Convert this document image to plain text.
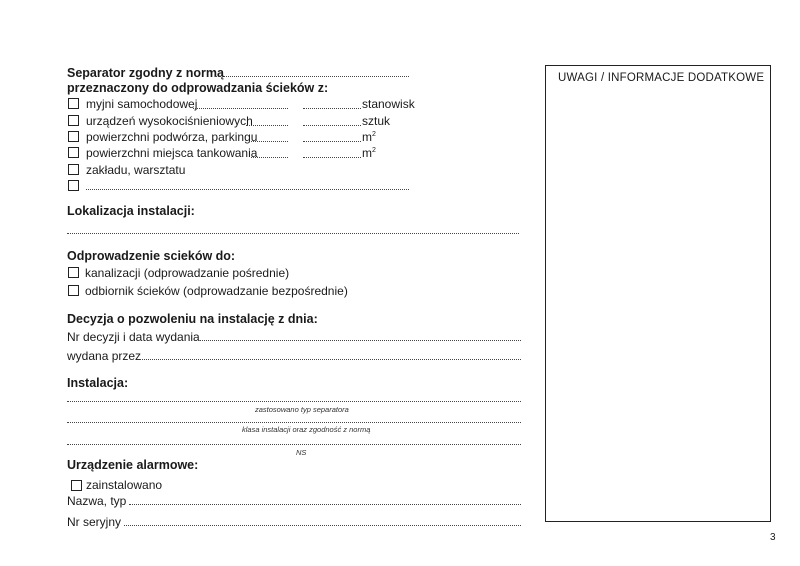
Separator zgodny z normą
przeznaczony do odprowadzania ścieków z:
myjni samochodowej	stanowisk
urządzeń wysokociśnieniowych	sztuk
powierzchni podwórza, parkingu	$m^2$
powierzchni miejsca tankowania	$m^2$
zakładu, warsztatu
Lokalizacja instalacji:
Odprowadzenie scieków do:
kanalizacji (odprowadzanie pośrednie)
odbiornik ścieków (odprowadzanie bezpośrednie)
Decyzja o pozwoleniu na instalację z dnia:
Nr decyzji i data wydania
wydana przez
Instalacja:
zastosowano typ separatora
klasa instalacji oraz zgodność z normą
NS
Urządzenie alarmowe:
zainstalowano
Nazwa, typ
Nr seryjny
UWAGI / INFORMACJE DODATKOWE
3
